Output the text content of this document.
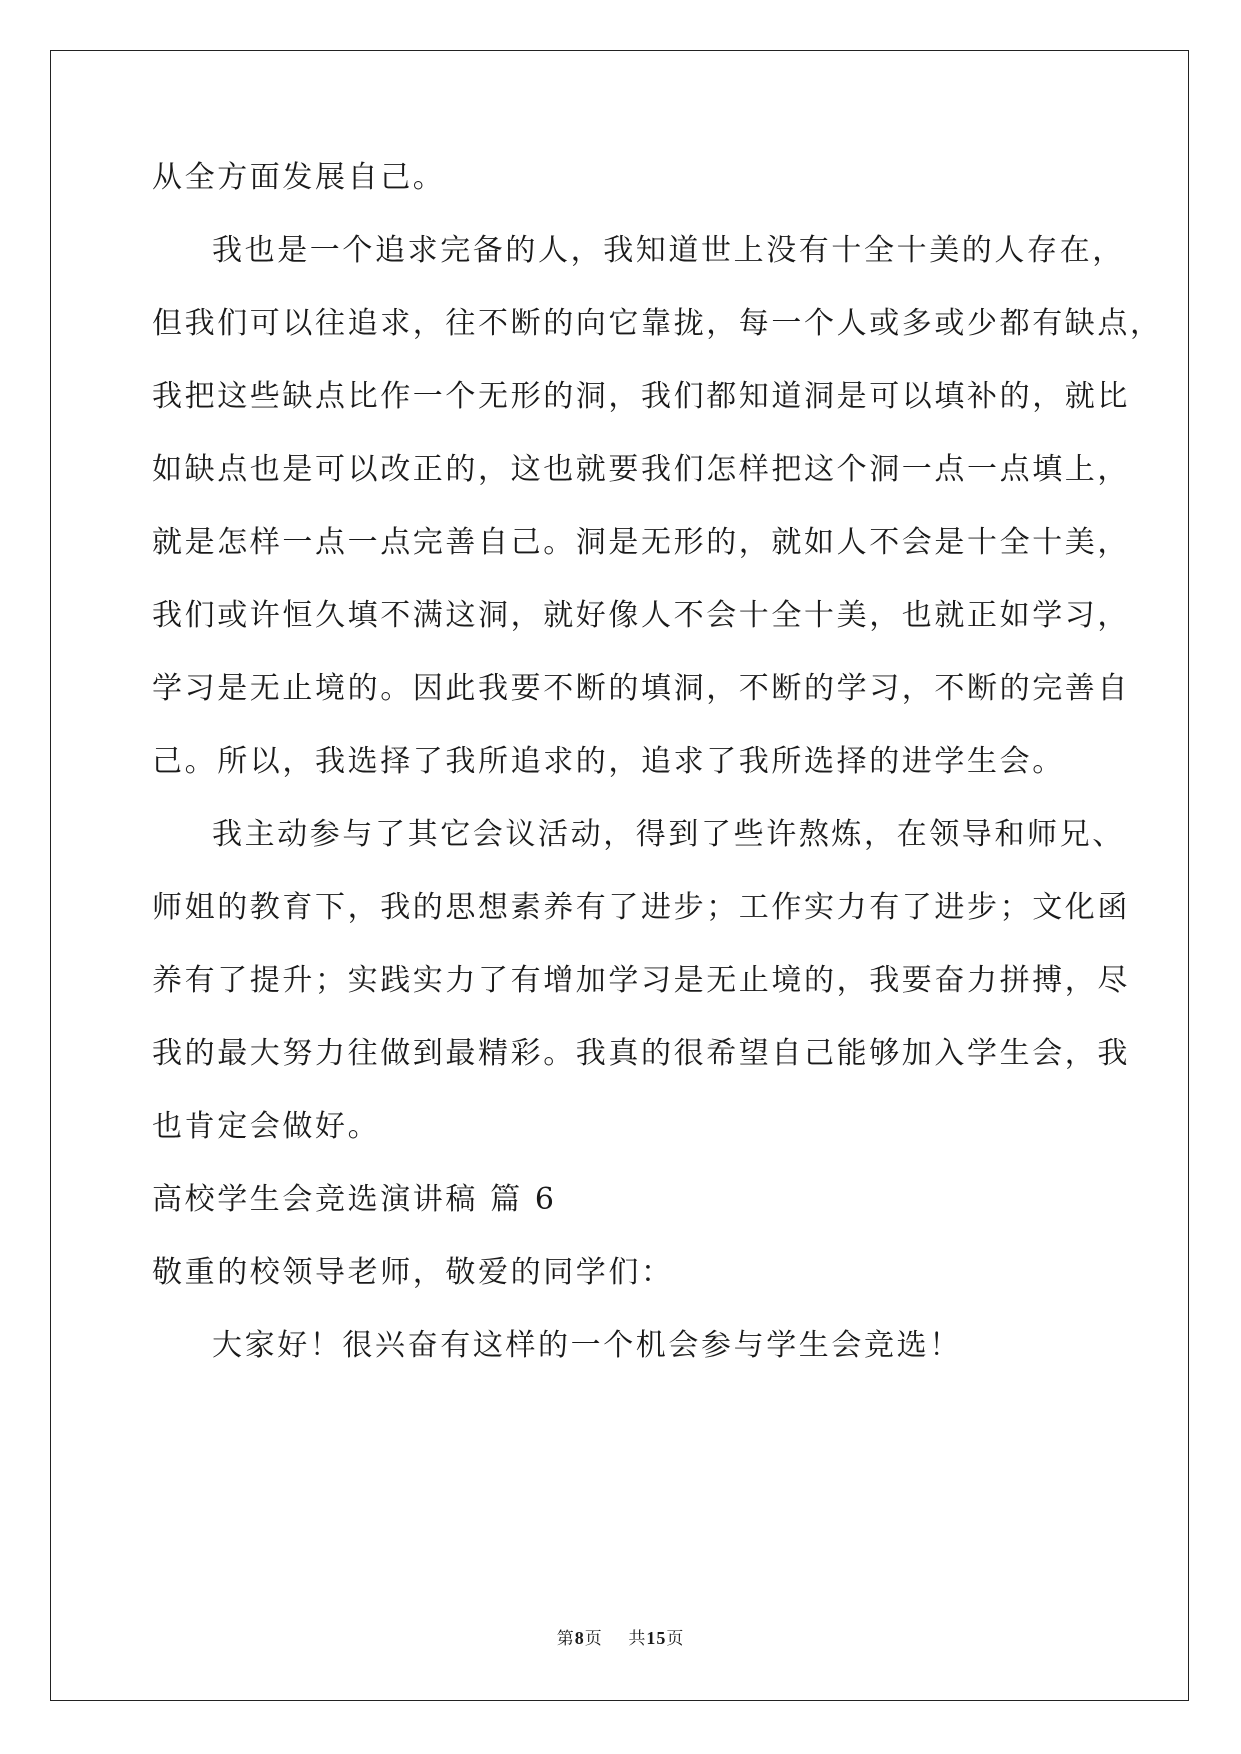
从全方面发展自己。
我也是一个追求完备的人，我知道世上没有十全十美的人存在，
但我们可以往追求，往不断的向它靠拢，每一个人或多或少都有缺点，
我把这些缺点比作一个无形的洞，我们都知道洞是可以填补的，就比
如缺点也是可以改正的，这也就要我们怎样把这个洞一点一点填上，
就是怎样一点一点完善自己。洞是无形的，就如人不会是十全十美，
我们或许恒久填不满这洞，就好像人不会十全十美，也就正如学习，
学习是无止境的。因此我要不断的填洞，不断的学习，不断的完善自
己。所以，我选择了我所追求的，追求了我所选择的进学生会。
我主动参与了其它会议活动，得到了些许熬炼，在领导和师兄、
师姐的教育下，我的思想素养有了进步；工作实力有了进步；文化函
养有了提升；实践实力了有增加学习是无止境的，我要奋力拼搏，尽
我的最大努力往做到最精彩。我真的很希望自己能够加入学生会，我
也肯定会做好。
高校学生会竞选演讲稿 篇 6
敬重的校领导老师，敬爱的同学们：
大家好！很兴奋有这样的一个机会参与学生会竞选！
第8页 共15页
